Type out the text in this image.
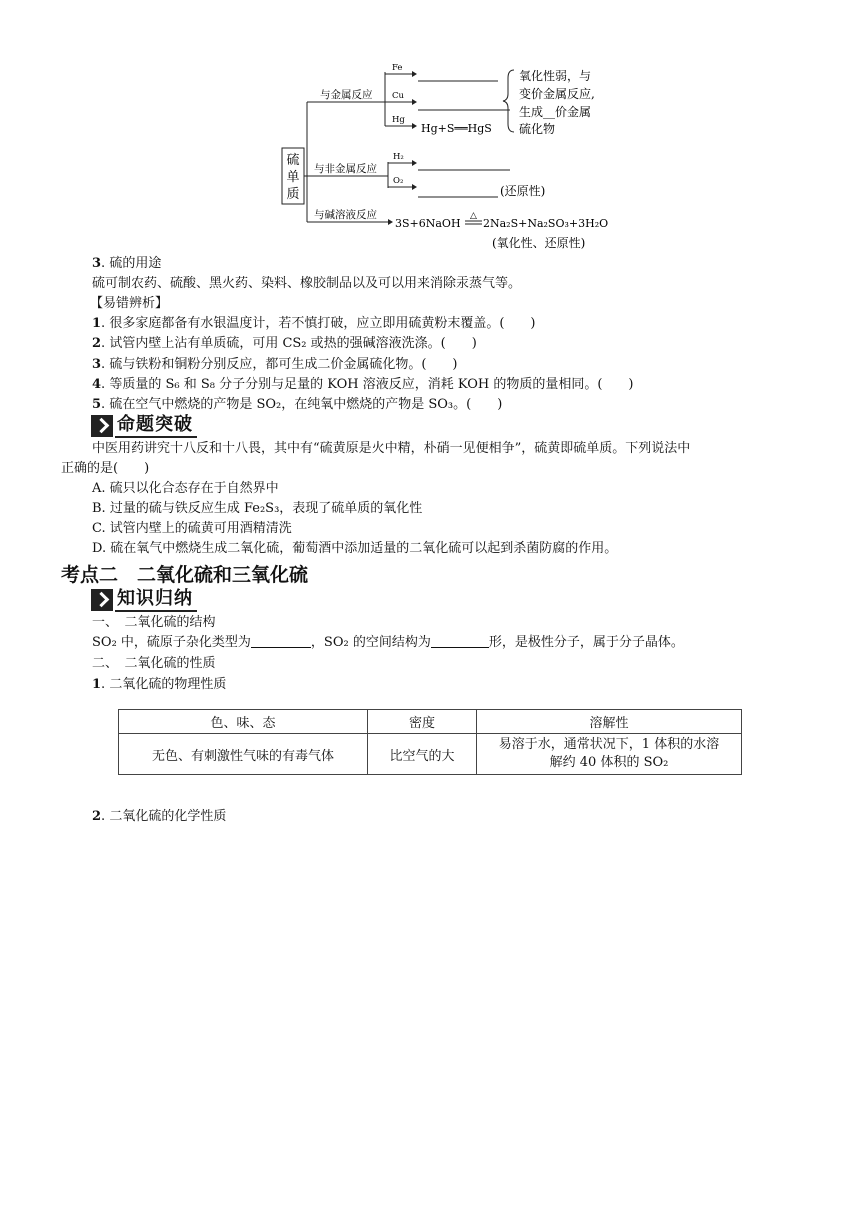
硫
单
质
与金属反应
Fe
Cu
Hg
Hg+S══HgS
氧化性弱，与
变价金属反应,
生成__价金属
硫化物
与非金属反应
H₂
O₂
(还原性)
与碱溶液反应
3S+6NaOH
△
2Na₂S+Na₂SO₃+3H₂O
(氧化性、还原性)
3. 硫的用途
硫可制农药、硫酸、黑火药、染料、橡胶制品以及可以用来消除汞蒸气等。
【易错辨析】
1. 很多家庭都备有水银温度计，若不慎打破，应立即用硫黄粉末覆盖。(　　)
2. 试管内壁上沾有单质硫，可用 CS₂ 或热的强碱溶液洗涤。(　　)
3. 硫与铁粉和铜粉分别反应，都可生成二价金属硫化物。(　　)
4. 等质量的 S₆ 和 S₈ 分子分别与足量的 KOH 溶液反应，消耗 KOH 的物质的量相同。(　　)
5. 硫在空气中燃烧的产物是 SO₂，在纯氧中燃烧的产物是 SO₃。(　　)
命题突破
中医用药讲究十八反和十八畏，其中有“硫黄原是火中精，朴硝一见便相争”，硫黄即硫单质。下列说法中
正确的是(　　)
A. 硫只以化合态存在于自然界中
B. 过量的硫与铁反应生成 Fe₂S₃，表现了硫单质的氧化性
C. 试管内壁上的硫黄可用酒精清洗
D. 硫在氧气中燃烧生成二氧化硫，葡萄酒中添加适量的二氧化硫可以起到杀菌防腐的作用。
考点二　二氧化硫和三氧化硫
知识归纳
一、　二氧化硫的结构
SO₂ 中，硫原子杂化类型为	，SO₂ 的空间结构为	形，是极性分子，属于分子晶体。
二、　二氧化硫的性质
1. 二氧化硫的物理性质
色、味、态	密度	溶解性
无色、有刺激性气味的有毒气体	比空气的大	易溶于水，通常状况下，1 体积的水溶
解约 40 体积的 SO₂
2. 二氧化硫的化学性质
